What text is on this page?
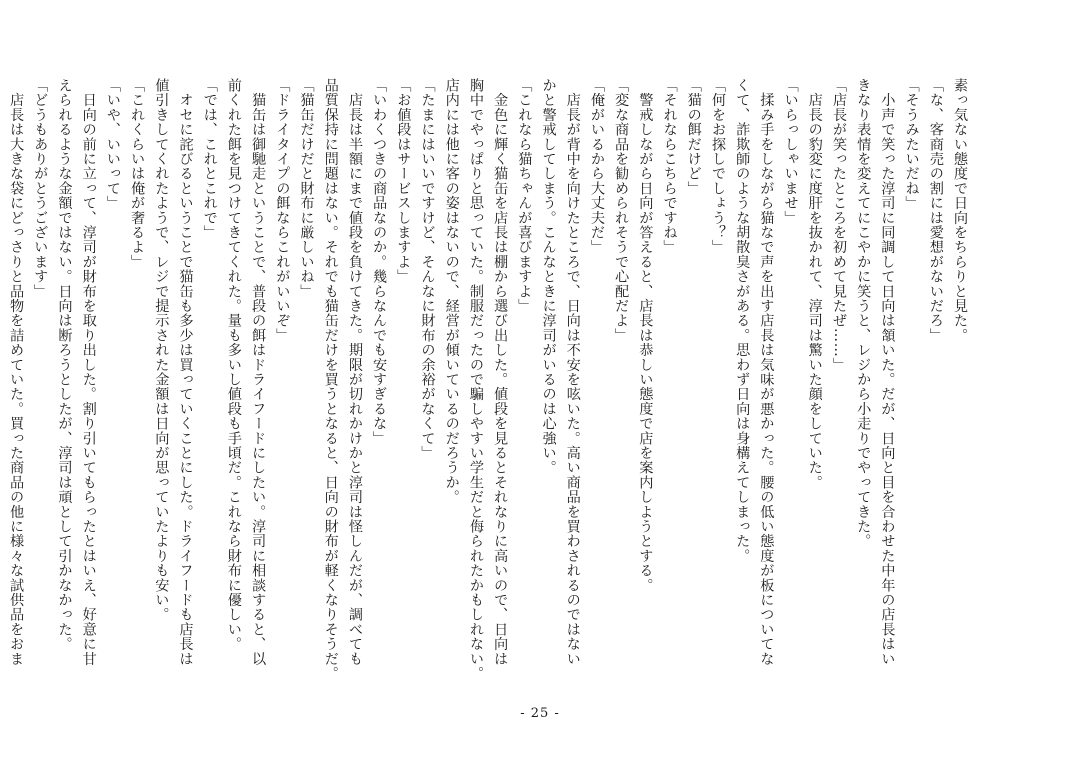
素っ気ない態度で日向をちらりと見た。
「な、客商売の割には愛想がないだろ」
「そうみたいだね」
　小声で笑った淳司に同調して日向は頷いた。だが、日向と目を合わせた中年の店長はい
きなり表情を変えてにこやかに笑うと、レジから小走りでやってきた。
「店長が笑ったところを初めて見たぜ……」
　店長の豹変に度肝を抜かれて、淳司は驚いた顔をしていた。
「いらっしゃいませ」
　揉み手をしながら猫なで声を出す店長は気味が悪かった。腰の低い態度が板についてな
くて、詐欺師のような胡散臭さがある。思わず日向は身構えてしまった。
「何をお探しでしょう？」
「猫の餌だけど」
「それならこちらですね」
　警戒しながら日向が答えると、店長は恭しい態度で店を案内しようとする。
「変な商品を勧められそうで心配だよ」
「俺がいるから大丈夫だ」
　店長が背中を向けたところで、日向は不安を呟いた。高い商品を買わされるのではない
かと警戒してしまう。こんなときに淳司がいるのは心強い。
「これなら猫ちゃんが喜びますよ」
　金色に輝く猫缶を店長は棚から選び出した。値段を見るとそれなりに高いので、日向は
胸中でやっぱりと思っていた。制服だったので騙しやすい学生だと侮られたかもしれない。
店内には他に客の姿はないので、経営が傾いているのだろうか。
「たまにはいいですけど、そんなに財布の余裕がなくて」
「お値段はサービスしますよ」
「いわくつきの商品なのか。幾らなんでも安すぎるな」
　店長は半額にまで値段を負けてきた。期限が切れかけかと淳司は怪しんだが、調べても
品質保持に問題はない。それでも猫缶だけを買うとなると、日向の財布が軽くなりそうだ。
「猫缶だけだと財布に厳しいね」
「ドライタイプの餌ならこれがいいぞ」
　猫缶は御馳走ということで、普段の餌はドライフードにしたい。淳司に相談すると、以
前くれた餌を見つけてきてくれた。量も多いし値段も手頃だ。これなら財布に優しい。
「では、これとこれで」
　オセに詫びるということで猫缶も多少は買っていくことにした。ドライフードも店長は
値引きしてくれたようで、レジで提示された金額は日向が思っていたよりも安い。
「これくらいは俺が奢るよ」
「いや、いいって」
　日向の前に立って、淳司が財布を取り出した。割り引いてもらったとはいえ、好意に甘
えられるような金額ではない。日向は断ろうとしたが、淳司は頑として引かなかった。
「どうもありがとうございます」
　店長は大きな袋にどっさりと品物を詰めていた。買った商品の他に様々な試供品をおま
- 25 -
